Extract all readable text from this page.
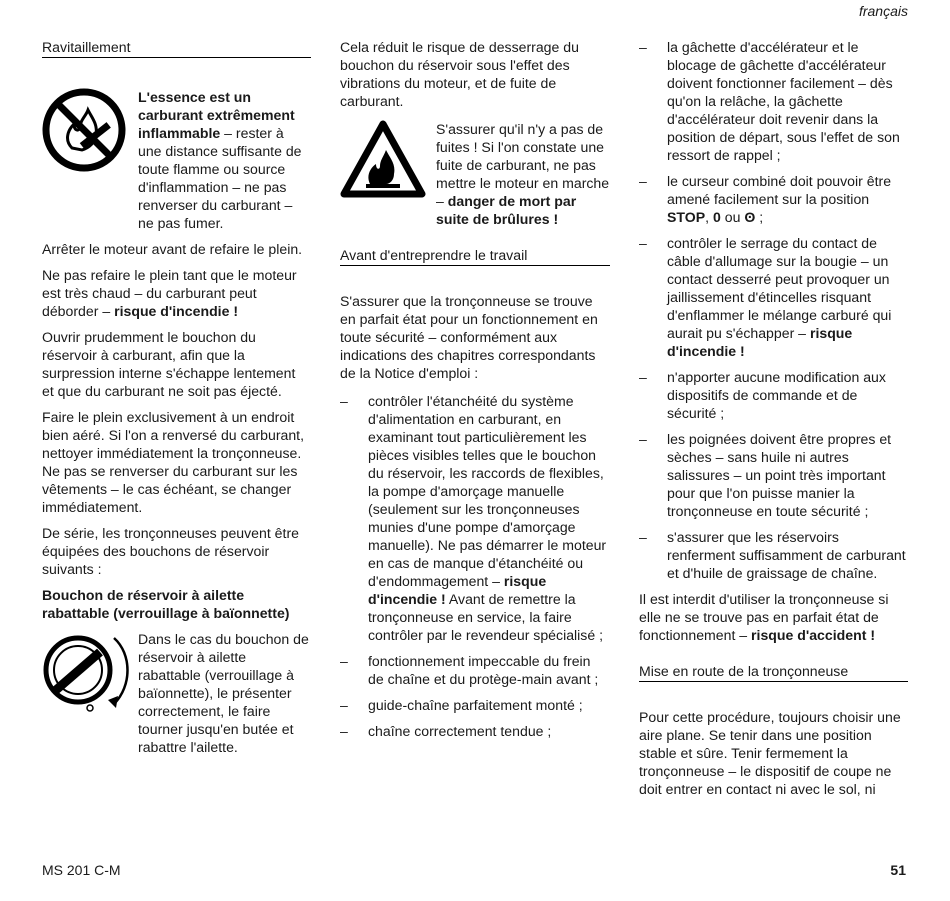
français
Ravitaillement
L'essence est un carburant extrêmement inflammable – rester à une distance suffisante de toute flamme ou source d'inflammation – ne pas renverser du carburant – ne pas fumer.

Arrêter le moteur avant de refaire le plein.

Ne pas refaire le plein tant que le moteur est très chaud – du carburant peut déborder – risque d'incendie !

Ouvrir prudemment le bouchon du réservoir à carburant, afin que la surpression interne s'échappe lentement et que du carburant ne soit pas éjecté.

Faire le plein exclusivement à un endroit bien aéré. Si l'on a renversé du carburant, nettoyer immédiatement la tronçonneuse. Ne pas se renverser du carburant sur les vêtements – le cas échéant, se changer immédiatement.

De série, les tronçonneuses peuvent être équipées des bouchons de réservoir suivants :

Bouchon de réservoir à ailette rabattable (verrouillage à baïonnette)

Dans le cas du bouchon de réservoir à ailette rabattable (verrouillage à baïonnette), le présenter correctement, le faire tourner jusqu'en butée et rabattre l'ailette.

Cela réduit le risque de desserrage du bouchon du réservoir sous l'effet des vibrations du moteur, et de fuite de carburant.

S'assurer qu'il n'y a pas de fuites ! Si l'on constate une fuite de carburant, ne pas mettre le moteur en marche – danger de mort par suite de brûlures !
Avant d'entreprendre le travail

S'assurer que la tronçonneuse se trouve en parfait état pour un fonctionnement en toute sécurité – conformément aux indications des chapitres correspondants de la Notice d'emploi :

– contrôler l'étanchéité du système d'alimentation en carburant, en examinant tout particulièrement les pièces visibles telles que le bouchon du réservoir, les raccords de flexibles, la pompe d'amorçage manuelle (seulement sur les tronçonneuses munies d'une pompe d'amorçage manuelle). Ne pas démarrer le moteur en cas de manque d'étanchéité ou d'endommagement – risque d'incendie ! Avant de remettre la tronçonneuse en service, la faire contrôler par le revendeur spécialisé ;
– fonctionnement impeccable du frein de chaîne et du protège-main avant ;
– guide-chaîne parfaitement monté ;
– chaîne correctement tendue ;
– la gâchette d'accélérateur et le blocage de gâchette d'accélérateur doivent fonctionner facilement – dès qu'on la relâche, la gâchette d'accélérateur doit revenir dans la position de départ, sous l'effet de son ressort de rappel ;
– le curseur combiné doit pouvoir être amené facilement sur la position STOP, 0 ou ʘ ;
– contrôler le serrage du contact de câble d'allumage sur la bougie – un contact desserré peut provoquer un jaillissement d'étincelles risquant d'enflammer le mélange carburé qui aurait pu s'échapper – risque d'incendie !
– n'apporter aucune modification aux dispositifs de commande et de sécurité ;
– les poignées doivent être propres et sèches – sans huile ni autres salissures – un point très important pour que l'on puisse manier la tronçonneuse en toute sécurité ;
– s'assurer que les réservoirs renferment suffisamment de carburant et d'huile de graissage de chaîne.

Il est interdit d'utiliser la tronçonneuse si elle ne se trouve pas en parfait état de fonctionnement – risque d'accident !

Mise en route de la tronçonneuse

Pour cette procédure, toujours choisir une aire plane. Se tenir dans une position stable et sûre. Tenir fermement la tronçonneuse – le dispositif de coupe ne doit entrer en contact ni avec le sol, ni

MS 201 C-M	51
